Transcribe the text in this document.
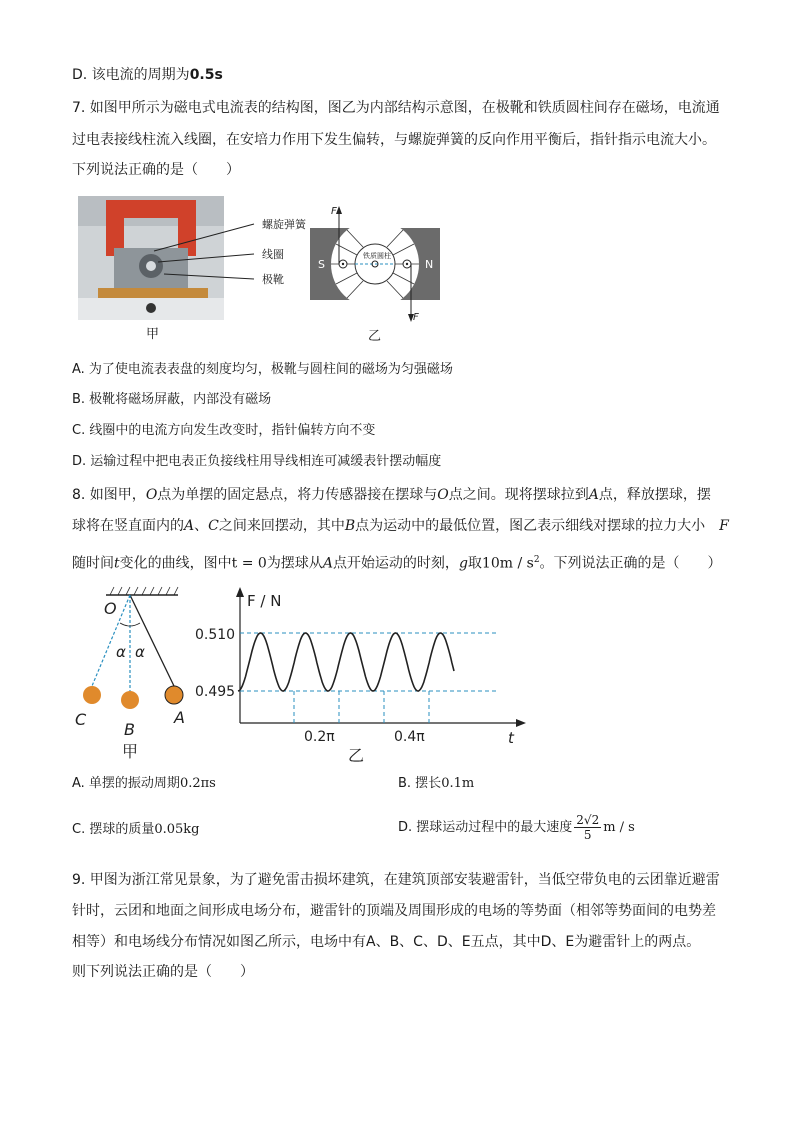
D. 该电流的周期为0.5s
7. 如图甲所示为磁电式电流表的结构图，图乙为内部结构示意图，在极靴和铁质圆柱间存在磁场，电流通
过电表接线柱流入线圈，在安培力作用下发生偏转，与螺旋弹簧的反向作用平衡后，指针指示电流大小。
下列说法正确的是（　　）
螺旋弹簧
线圈
极靴
甲
铁质圆柱
F
F
S	N
乙
A. 为了使电流表表盘的刻度均匀，极靴与圆柱间的磁场为匀强磁场
B. 极靴将磁场屏蔽，内部没有磁场
C. 线圈中的电流方向发生改变时，指针偏转方向不变
D. 运输过程中把电表正负接线柱用导线相连可减缓表针摆动幅度
8. 如图甲，O点为单摆的固定悬点，将力传感器接在摆球与O点之间。现将摆球拉到A点，释放摆球，摆
球将在竖直面内的A、C之间来回摆动，其中B点为运动中的最低位置，图乙表示细线对摆球的拉力大小　 F
随时间t变化的曲线，图中t = 0为摆球从A点开始运动的时刻，g取$10m / s^2$。下列说法正确的是（　　）
O
α α
C
B
A
甲
F / N
t
0.510
0.495
0.2π	0.4π
乙
A. 单摆的振动周期0.2πs	B. 摆长0.1m
C. 摆球的质量0.05kg	D. 摆球运动过程中的最大速度 2√2
5
m / s
9. 甲图为浙江常见景象，为了避免雷击损坏建筑，在建筑顶部安装避雷针，当低空带负电的云团靠近避雷
针时，云团和地面之间形成电场分布，避雷针的顶端及周围形成的电场的等势面（相邻等势面间的电势差
相等）和电场线分布情况如图乙所示，电场中有A、B、C、D、E五点，其中D、E为避雷针上的两点。
则下列说法正确的是（　　）
